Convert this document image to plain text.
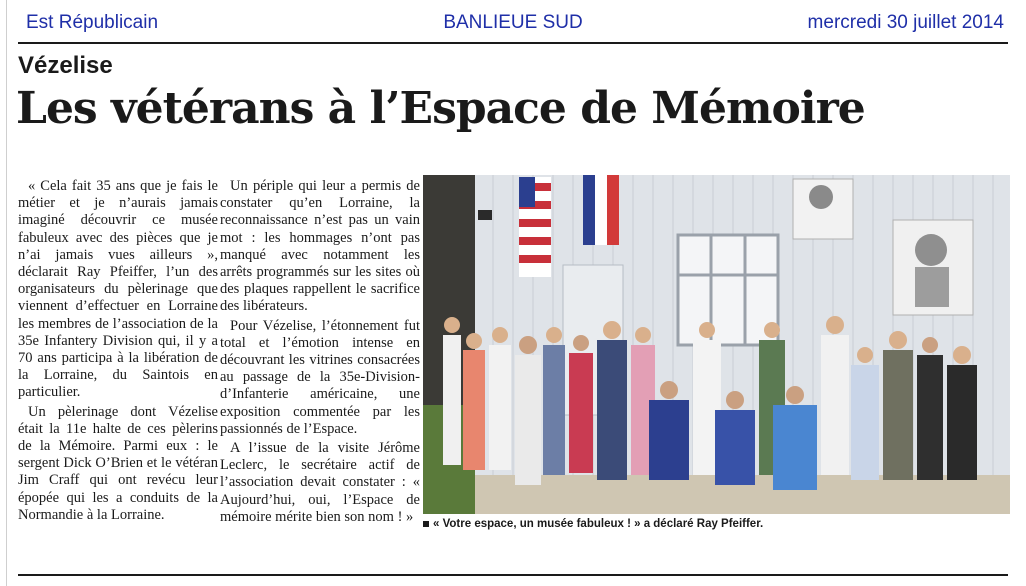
Est Républicain	BANLIEUE SUD	mercredi 30 juillet 2014
Vézelise
Les vétérans à l’Espace de Mémoire

« Cela fait 35 ans que je fais le métier et je n’aurais jamais imaginé découvrir ce musée fabuleux avec des pièces que je n’ai jamais vues ailleurs », déclarait Ray Pfeiffer, l’un des organisateurs du pèlerinage que viennent d’effectuer en Lorraine les membres de l’association de la 35e Infantery Division qui, il y a 70 ans participa à la libération de la Lorraine, du Saintois en particulier.

Un pèlerinage dont Vézelise était la 11e halte de ces pèlerins de la Mémoire. Parmi eux : le sergent Dick O’Brien et le vétéran Jim Craff qui ont revécu leur épopée qui les a conduits de la Normandie à la Lorraine.

Un périple qui leur a permis de constater qu’en Lorraine, la reconnaissance n’est pas un vain mot : les hommages n’ont pas manqué avec notamment les arrêts programmés sur les sites où des plaques rappellent le sacrifice des libérateurs.

Pour Vézelise, l’étonnement fut total et l’émotion intense en découvrant les vitrines consacrées au passage de la 35e-Division-d’Infanterie américaine, une exposition commentée par les passionnés de l’Espace.

A l’issue de la visite Jérôme Leclerc, le secrétaire actif de l’association devait constater : « Aujourd’hui, oui, l’Espace de mémoire mérite bien son nom ! »	« Votre espace, un musée fabuleux ! » a déclaré Ray Pfeiffer.
